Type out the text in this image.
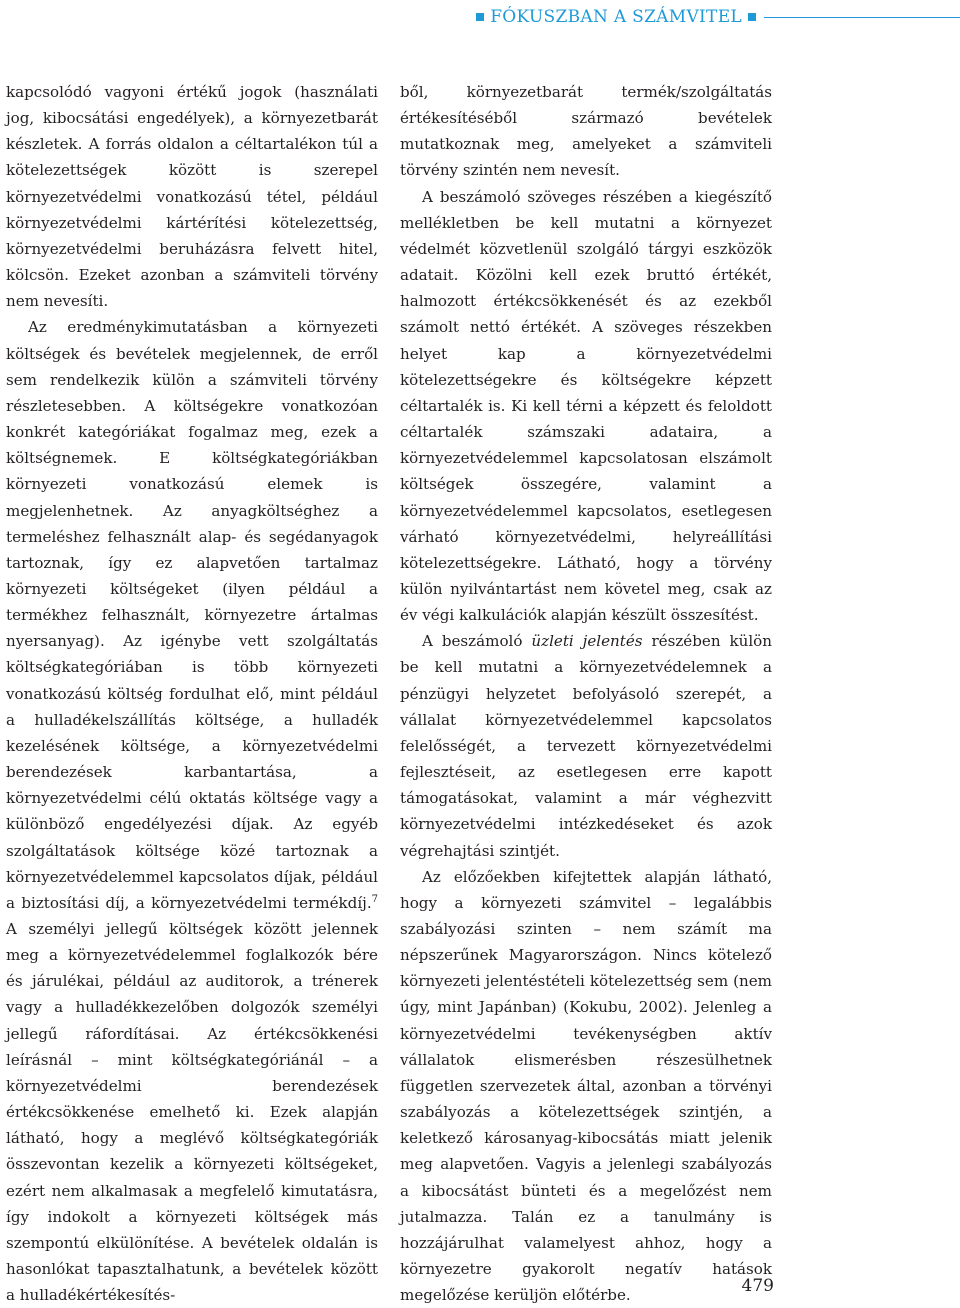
FÓKUSZBAN A SZÁMVITEL

kapcsolódó vagyoni értékű jogok (használati jog, kibocsátási engedélyek), a környezetbarát készletek. A forrás oldalon a céltartalékon túl a kötelezettségek között is szerepel környezetvédelmi vonatkozású tétel, például környezetvédelmi kártérítési kötelezettség, környezetvédelmi beruházásra felvett hitel, kölcsön. Ezeket azonban a számviteli törvény nem nevesíti.

Az eredménykimutatásban a környezeti költségek és bevételek megjelennek, de erről sem rendelkezik külön a számviteli törvény részletesebben. A költségekre vonatkozóan konkrét kategóriákat fogalmaz meg, ezek a költségnemek. E költségkategóriákban környezeti vonatkozású elemek is megjelenhetnek. Az anyagköltséghez a termeléshez felhasznált alap- és segédanyagok tartoznak, így ez alapvetően tartalmaz környezeti költségeket (ilyen például a termékhez felhasznált, környezetre ártalmas nyersanyag). Az igénybe vett szolgáltatás költségkategóriában is több környezeti vonatkozású költség fordulhat elő, mint például a hulladékelszállítás költsége, a hulladék kezelésének költsége, a környezetvédelmi berendezések karbantartása, a környezetvédelmi célú oktatás költsége vagy a különböző engedélyezési díjak. Az egyéb szolgáltatások költsége közé tartoznak a környezetvédelemmel kapcsolatos díjak, például a biztosítási díj, a környezetvédelmi termékdíj.$^7$ A személyi jellegű költségek között jelennek meg a környezetvédelemmel foglalkozók bére és járulékai, például az auditorok, a trénerek vagy a hulladékkezelőben dolgozók személyi jellegű ráfordításai. Az értékcsökkenési leírásnál – mint költségkategóriánál – a környezetvédelmi berendezések értékcsökkenése emelhető ki. Ezek alapján látható, hogy a meglévő költségkategóriák összevontan kezelik a környezeti költségeket, ezért nem alkalmasak a megfelelő kimutatásra, így indokolt a környezeti költségek más szempontú elkülönítése. A bevételek oldalán is hasonlókat tapasztalhatunk, a bevételek között a hulladékértékesítés-

ből, környezetbarát termék/szolgáltatás értékesítéséből származó bevételek mutatkoznak meg, amelyeket a számviteli törvény szintén nem nevesít.

A beszámoló szöveges részében a kiegészítő mellékletben be kell mutatni a környezet védelmét közvetlenül szolgáló tárgyi eszközök adatait. Közölni kell ezek bruttó értékét, halmozott értékcsökkenését és az ezekből számolt nettó értékét. A szöveges részekben helyet kap a környezetvédelmi kötelezettségekre és költségekre képzett céltartalék is. Ki kell térni a képzett és feloldott céltartalék számszaki adataira, a környezetvédelemmel kapcsolatosan elszámolt költségek összegére, valamint a környezetvédelemmel kapcsolatos, esetlegesen várható környezetvédelmi, helyreállítási kötelezettségekre. Látható, hogy a törvény külön nyilvántartást nem követel meg, csak az év végi kalkulációk alapján készült összesítést.

A beszámoló üzleti jelentés részében külön be kell mutatni a környezetvédelemnek a pénzügyi helyzetet befolyásoló szerepét, a vállalat környezetvédelemmel kapcsolatos felelősségét, a tervezett környezetvédelmi fejlesztéseit, az esetlegesen erre kapott támogatásokat, valamint a már véghezvitt környezetvédelmi intézkedéseket és azok végrehajtási szintjét.

Az előzőekben kifejtettek alapján látható, hogy a környezeti számvitel – legalábbis szabályozási szinten – nem számít ma népszerűnek Magyarországon. Nincs kötelező környezeti jelentéstételi kötelezettség sem (nem úgy, mint Japánban) (Kokubu, 2002). Jelenleg a környezetvédelmi tevékenységben aktív vállalatok elismerésben részesülhetnek független szervezetek által, azonban a törvényi szabályozás a kötelezettségek szintjén, a keletkező károsanyag-kibocsátás miatt jelenik meg alapvetően. Vagyis a jelenlegi szabályozás a kibocsátást bünteti és a megelőzést nem jutalmazza. Talán ez a tanulmány is hozzájárulhat valamelyest ahhoz, hogy a környezetre gyakorolt negatív hatások megelőzése kerüljön előtérbe.	479
